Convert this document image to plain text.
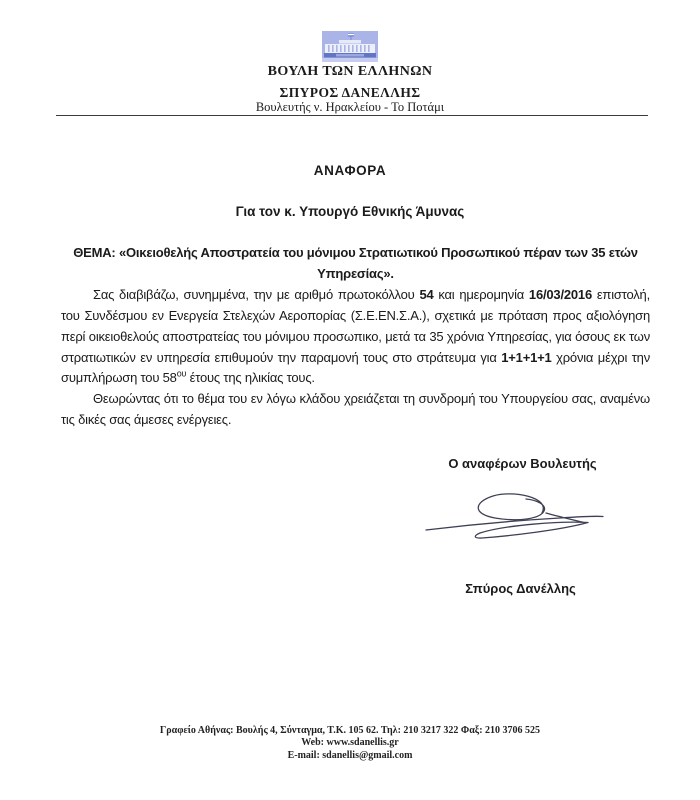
ΒΟΥΛΗ ΤΩΝ ΕΛΛΗΝΩΝ
ΣΠΥΡΟΣ ΔΑΝΕΛΛΗΣ
Βουλευτής ν. Ηρακλείου - Το Ποτάμι
ΑΝΑΦΟΡΑ
Για τον κ. Υπουργό Εθνικής Άμυνας

ΘΕΜΑ: «Οικειοθελής Αποστρατεία του μόνιμου Στρατιωτικού Προσωπικού πέραν των 35 ετών Υπηρεσίας».

Σας διαβιβάζω, συνημμένα, την με αριθμό πρωτοκόλλου 54 και ημερομηνία 16/03/2016 επιστολή, του Συνδέσμου εν Ενεργεία Στελεχών Αεροπορίας (Σ.Ε.ΕΝ.Σ.Α.), σχετικά με πρόταση προς αξιολόγηση περί οικειοθελούς αποστρατείας του μόνιμου προσωπικο, μετά τα 35 χρόνια Υπηρεσίας, για όσους εκ των στρατιωτικών εν υπηρεσία επιθυμούν την παραμονή τους στο στράτευμα για 1+1+1+1 χρόνια μέχρι την συμπλήρωση του $58^{o\upsilon}$ έτους της ηλικίας τους.

Θεωρώντας ότι το θέμα του εν λόγω κλάδου χρειάζεται τη συνδρομή του Υπουργείου σας, αναμένω τις δικές σας άμεσες ενέργειες.

Ο αναφέρων Βουλευτής
Σπύρος Δανέλλης
Γραφείο Αθήνας: Βουλής 4, Σύνταγμα, Τ.Κ. 105 62. Τηλ: 210 3217 322 Φαξ: 210 3706 525
Web: www.sdanellis.gr
E-mail: sdanellis@gmail.com
